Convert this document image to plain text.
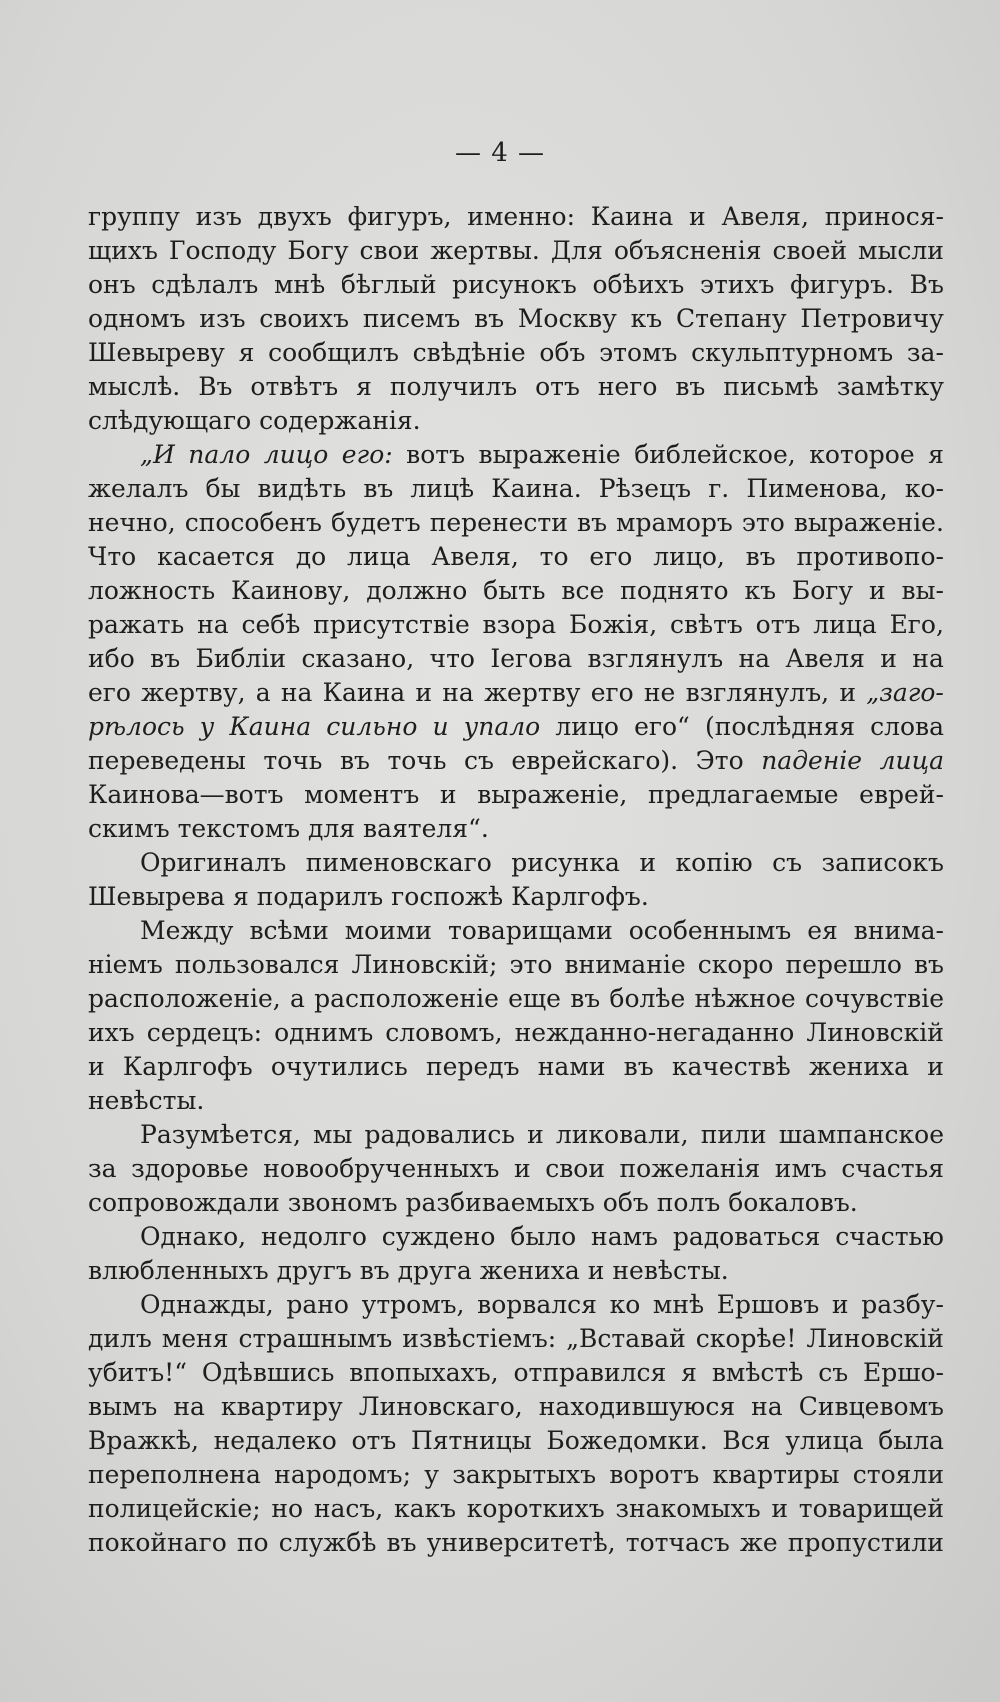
— 4 —
группу изъ двухъ фигуръ, именно: Каина и Авеля, принося-
щихъ Господу Богу свои жертвы. Для объясненія своей мысли
онъ сдѣлалъ мнѣ бѣглый рисунокъ обѣихъ этихъ фигуръ. Въ
одномъ изъ своихъ писемъ въ Москву къ Степану Петровичу
Шевыреву я сообщилъ свѣдѣніе объ этомъ скульптурномъ за-
мыслѣ. Въ отвѣтъ я получилъ отъ него въ письмѣ замѣтку
слѣдующаго содержанія.
„И пало лицо его: вотъ выраженіе библейское, которое я
желалъ бы видѣть въ лицѣ Каина. Рѣзецъ г. Пименова, ко-
нечно, способенъ будетъ перенести въ мраморъ это выраженіе.
Что касается до лица Авеля, то его лицо, въ противопо-
ложность Каинову, должно быть все поднято къ Богу и вы-
ражать на себѣ присутствіе взора Божія, свѣтъ отъ лица Его,
ибо въ Библіи сказано, что Іегова взглянулъ на Авеля и на
его жертву, а на Каина и на жертву его не взглянулъ, и „заго-
рѣлось у Каина сильно и упало лицо его“ (послѣдняя слова
переведены точь въ точь съ еврейскаго). Это паденіе лица
Каинова—вотъ моментъ и выраженіе, предлагаемые еврей-
скимъ текстомъ для ваятеля“.
Оригиналъ пименовскаго рисунка и копію съ записокъ
Шевырева я подарилъ госпожѣ Карлгофъ.
Между всѣми моими товарищами особеннымъ ея внима-
ніемъ пользовался Линовскій; это вниманіе скоро перешло въ
расположеніе, а расположеніе еще въ болѣе нѣжное сочувствіе
ихъ сердецъ: однимъ словомъ, нежданно-негаданно Линовскій
и Карлгофъ очутились передъ нами въ качествѣ жениха и
невѣсты.
Разумѣется, мы радовались и ликовали, пили шампанское
за здоровье новообрученныхъ и свои пожеланія имъ счастья
сопровождали звономъ разбиваемыхъ объ полъ бокаловъ.
Однако, недолго суждено было намъ радоваться счастью
влюбленныхъ другъ въ друга жениха и невѣсты.
Однажды, рано утромъ, ворвался ко мнѣ Ершовъ и разбу-
дилъ меня страшнымъ извѣстіемъ: „Вставай скорѣе! Линовскій
убитъ!“ Одѣвшись впопыхахъ, отправился я вмѣстѣ съ Ершо-
вымъ на квартиру Линовскаго, находившуюся на Сивцевомъ
Вражкѣ, недалеко отъ Пятницы Божедомки. Вся улица была
переполнена народомъ; у закрытыхъ воротъ квартиры стояли
полицейскіе; но насъ, какъ короткихъ знакомыхъ и товарищей
покойнаго по службѣ въ университетѣ, тотчасъ же пропустили
